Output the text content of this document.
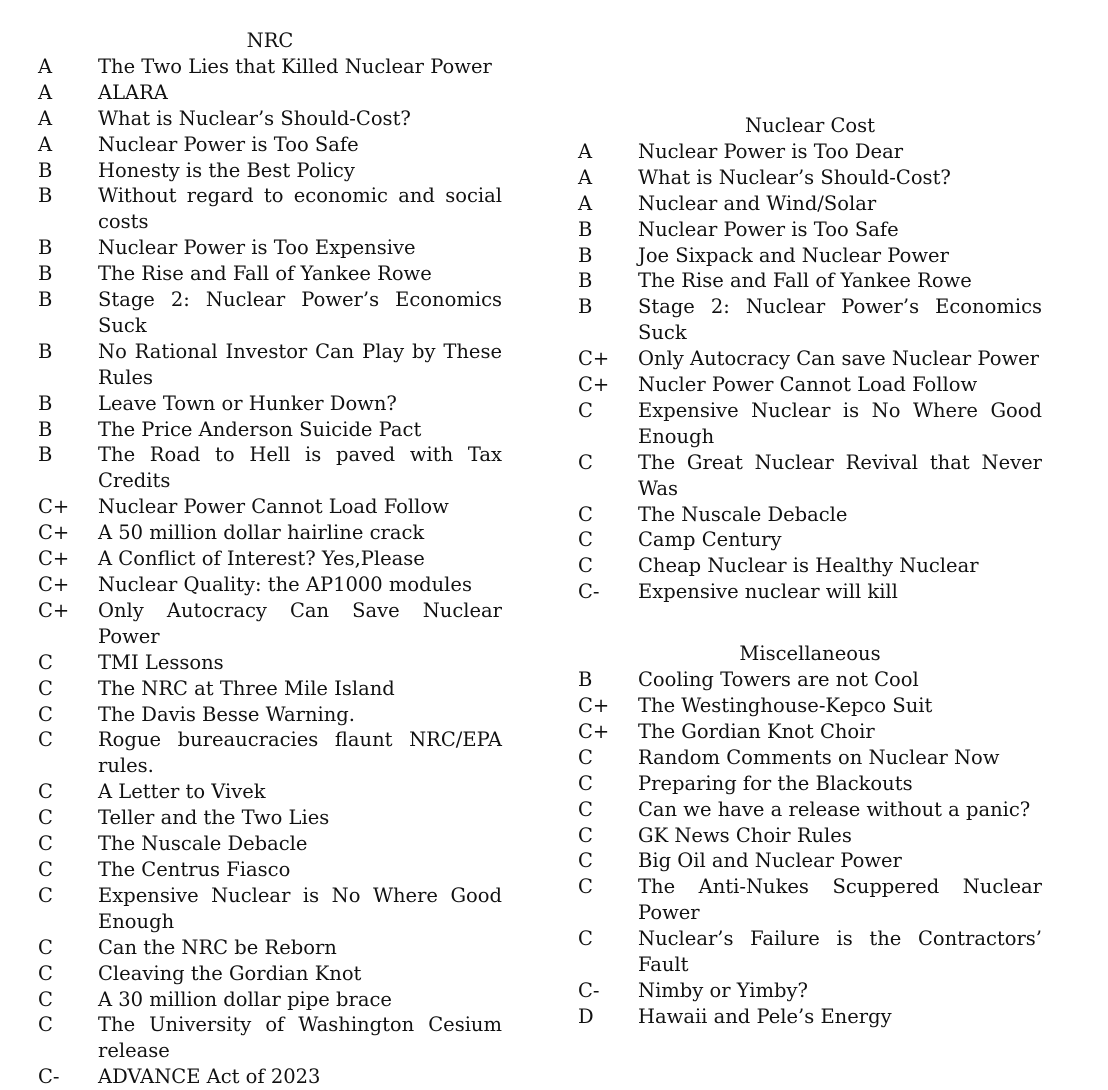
NRC
A	The Two Lies that Killed Nuclear Power
A	ALARA
A	What is Nuclear’s Should-Cost?
A	Nuclear Power is Too Safe
B	Honesty is the Best Policy
B	Without regard to economic and social costs
B	Nuclear Power is Too Expensive
B	The Rise and Fall of Yankee Rowe
B	Stage 2: Nuclear Power’s Economics Suck
B	No Rational Investor Can Play by These Rules
B	Leave Town or Hunker Down?
B	The Price Anderson Suicide Pact
B	The Road to Hell is paved with Tax Credits
C+	Nuclear Power Cannot Load Follow
C+	A 50 million dollar hairline crack
C+	A Conflict of Interest? Yes,Please
C+	Nuclear Quality: the AP1000 modules
C+	Only Autocracy Can Save Nuclear Power
C	TMI Lessons
C	The NRC at Three Mile Island
C	The Davis Besse Warning.
C	Rogue bureaucracies flaunt NRC/EPA rules.
C	A Letter to Vivek
C	Teller and the Two Lies
C	The Nuscale Debacle
C	The Centrus Fiasco
C	Expensive Nuclear is No Where Good Enough
C	Can the NRC be Reborn
C	Cleaving the Gordian Knot
C	A 30 million dollar pipe brace
C	The University of Washington Cesium release
C-	ADVANCE Act of 2023
Nuclear Cost
A	Nuclear Power is Too Dear
A	What is Nuclear’s Should-Cost?
A	Nuclear and Wind/Solar
B	Nuclear Power is Too Safe
B	Joe Sixpack and Nuclear Power
B	The Rise and Fall of Yankee Rowe
B	Stage 2: Nuclear Power’s Economics Suck
C+	Only Autocracy Can save Nuclear Power
C+	Nucler Power Cannot Load Follow
C	Expensive Nuclear is No Where Good Enough
C	The Great Nuclear Revival that Never Was
C	The Nuscale Debacle
C	Camp Century
C	Cheap Nuclear is Healthy Nuclear
C-	Expensive nuclear will kill
Miscellaneous
B	Cooling Towers are not Cool
C+	The Westinghouse-Kepco Suit
C+	The Gordian Knot Choir
C	Random Comments on Nuclear Now
C	Preparing for the Blackouts
C	Can we have a release without a panic?
C	GK News Choir Rules
C	Big Oil and Nuclear Power
C	The Anti-Nukes Scuppered Nuclear Power
C	Nuclear’s Failure is the Contractors’ Fault
C-	Nimby or Yimby?
D	Hawaii and Pele’s Energy
